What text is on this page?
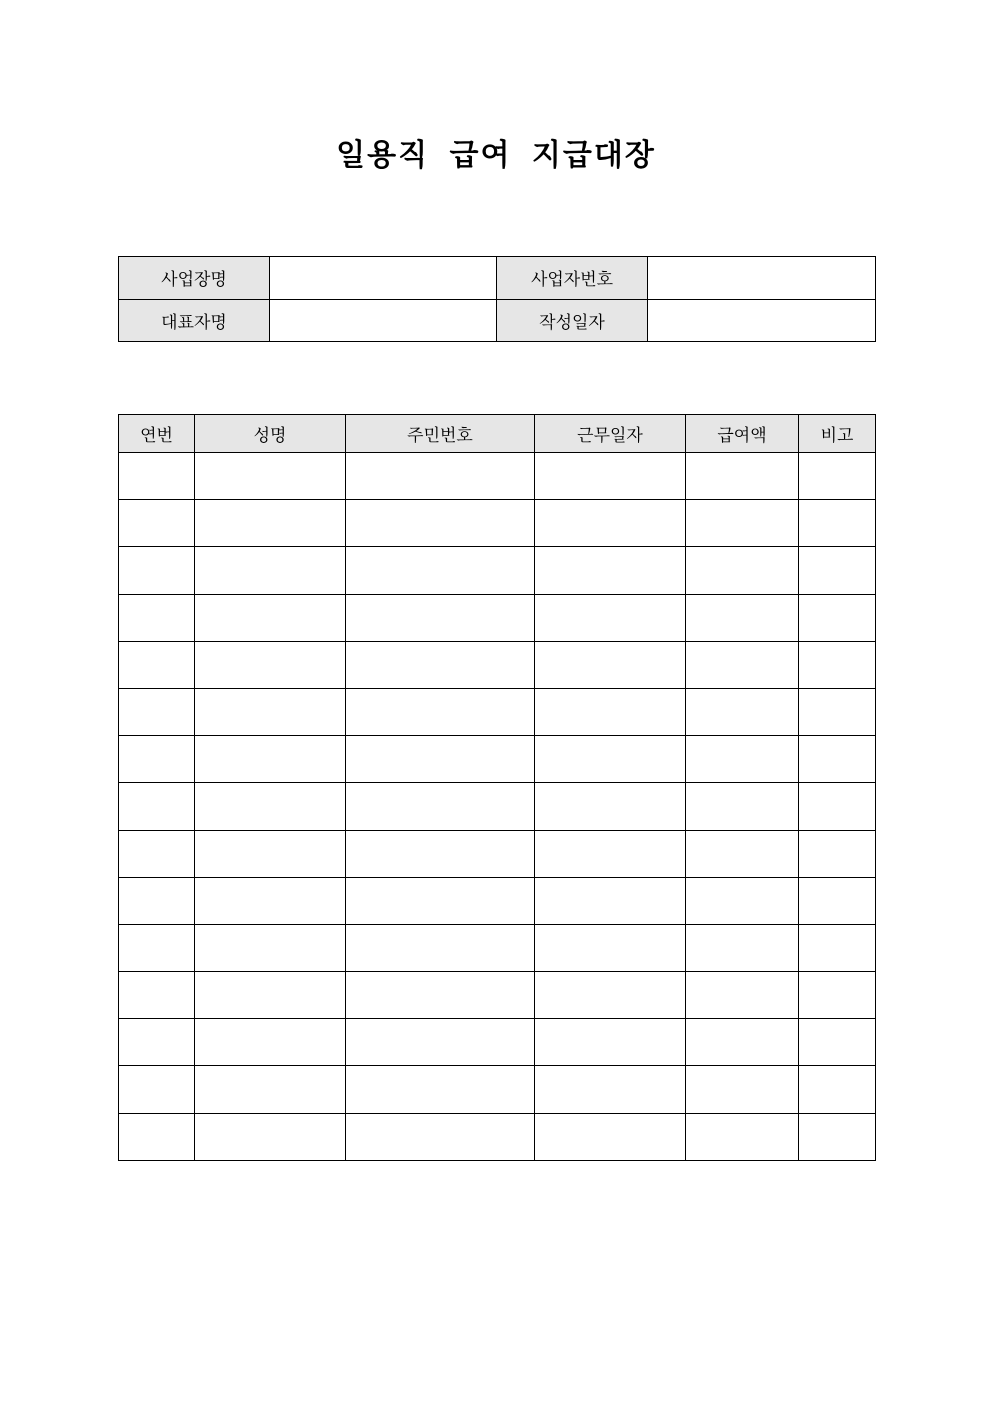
일용직 급여 지급대장
사업장명		사업자번호	
대표자명		작성일자	
연번	성명	주민번호	근무일자	급여액	비고
